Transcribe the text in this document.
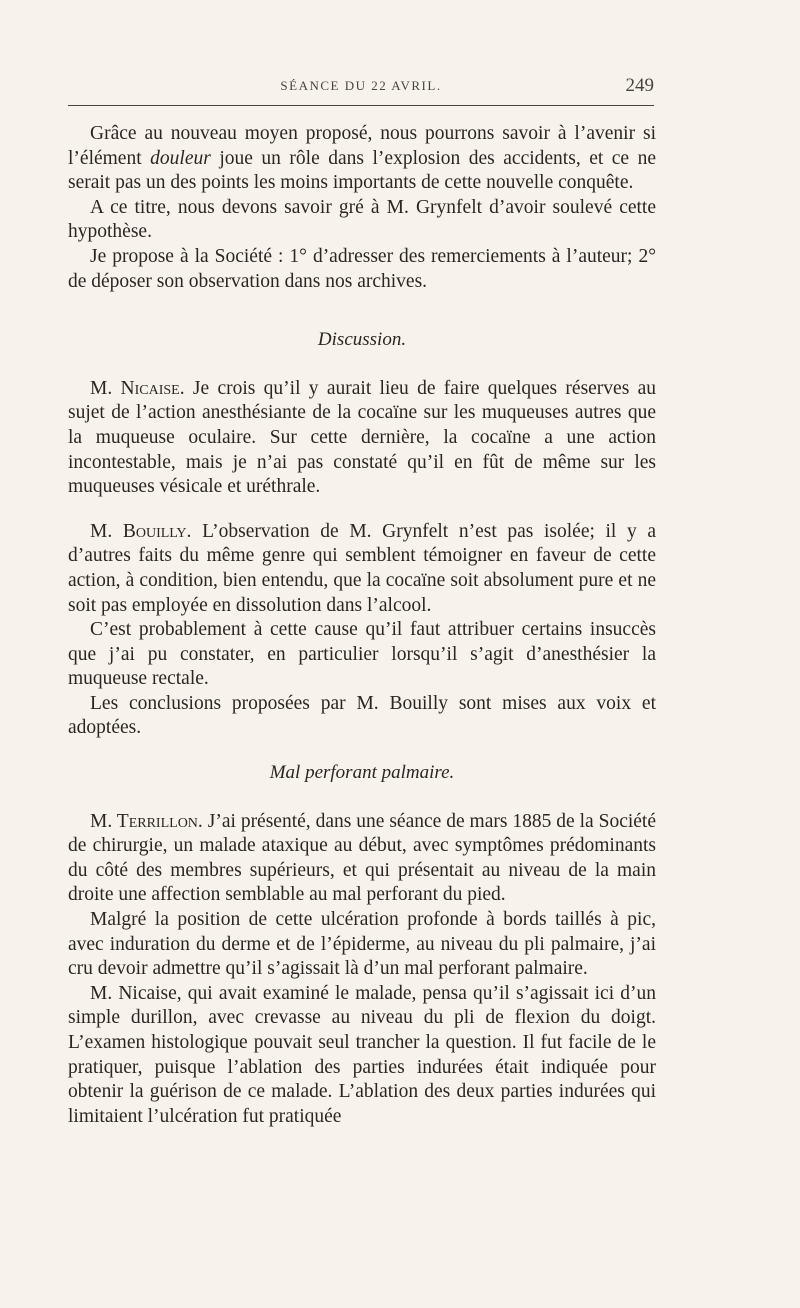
SÉANCE DU 22 AVRIL.	249

Grâce au nouveau moyen proposé, nous pourrons savoir à l’avenir si l’élément douleur joue un rôle dans l’explosion des accidents, et ce ne serait pas un des points les moins importants de cette nouvelle conquête.

A ce titre, nous devons savoir gré à M. Grynfelt d’avoir soulevé cette hypothèse.

Je propose à la Société : 1° d’adresser des remerciements à l’auteur; 2° de déposer son observation dans nos archives.

Discussion.

M. Nicaise. Je crois qu’il y aurait lieu de faire quelques réserves au sujet de l’action anesthésiante de la cocaïne sur les muqueuses autres que la muqueuse oculaire. Sur cette dernière, la cocaïne a une action incontestable, mais je n’ai pas constaté qu’il en fût de même sur les muqueuses vésicale et uréthrale.

M. Bouilly. L’observation de M. Grynfelt n’est pas isolée; il y a d’autres faits du même genre qui semblent témoigner en faveur de cette action, à condition, bien entendu, que la cocaïne soit absolument pure et ne soit pas employée en dissolution dans l’alcool.

C’est probablement à cette cause qu’il faut attribuer certains insuccès que j’ai pu constater, en particulier lorsqu’il s’agit d’anesthésier la muqueuse rectale.

Les conclusions proposées par M. Bouilly sont mises aux voix et adoptées.

Mal perforant palmaire.

M. Terrillon. J’ai présenté, dans une séance de mars 1885 de la Société de chirurgie, un malade ataxique au début, avec symptômes prédominants du côté des membres supérieurs, et qui présentait au niveau de la main droite une affection semblable au mal perforant du pied.

Malgré la position de cette ulcération profonde à bords taillés à pic, avec induration du derme et de l’épiderme, au niveau du pli palmaire, j’ai cru devoir admettre qu’il s’agissait là d’un mal perforant palmaire.

M. Nicaise, qui avait examiné le malade, pensa qu’il s’agissait ici d’un simple durillon, avec crevasse au niveau du pli de flexion du doigt. L’examen histologique pouvait seul trancher la question. Il fut facile de le pratiquer, puisque l’ablation des parties indurées était indiquée pour obtenir la guérison de ce malade. L’ablation des deux parties indurées qui limitaient l’ulcération fut pratiquée
